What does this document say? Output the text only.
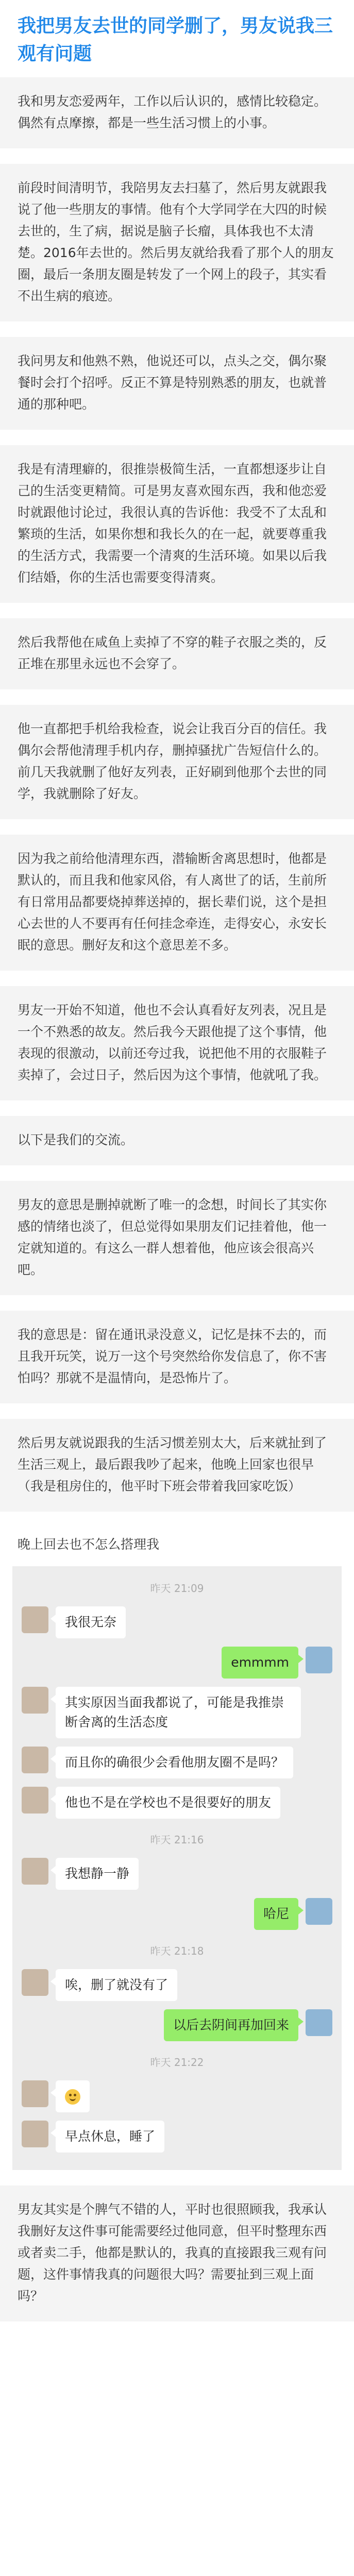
我把男友去世的同学删了，男友说我三观有问题
我和男友恋爱两年，工作以后认识的，感情比较稳定。偶然有点摩擦，都是一些生活习惯上的小事。
前段时间清明节，我陪男友去扫墓了，然后男友就跟我说了他一些朋友的事情。他有个大学同学在大四的时候去世的，生了病，据说是脑子长瘤，具体我也不太清楚。2016年去世的。然后男友就给我看了那个人的朋友圈，最后一条朋友圈是转发了一个网上的段子，其实看不出生病的痕迹。
我问男友和他熟不熟，他说还可以，点头之交，偶尔聚餐时会打个招呼。反正不算是特别熟悉的朋友，也就普通的那种吧。
我是有清理癖的，很推崇极简生活，一直都想逐步让自己的生活变更精简。可是男友喜欢囤东西，我和他恋爱时就跟他讨论过，我很认真的告诉他：我受不了太乱和繁琐的生活，如果你想和我长久的在一起，就要尊重我的生活方式，我需要一个清爽的生活环境。如果以后我们结婚，你的生活也需要变得清爽。
然后我帮他在咸鱼上卖掉了不穿的鞋子衣服之类的，反正堆在那里永远也不会穿了。
他一直都把手机给我检查，说会让我百分百的信任。我偶尔会帮他清理手机内存，删掉骚扰广告短信什么的。前几天我就删了他好友列表，正好刷到他那个去世的同学，我就删除了好友。
因为我之前给他清理东西，潜输断舍离思想时，他都是默认的，而且我和他家风俗，有人离世了的话，生前所有日常用品都要烧掉葬送掉的，据长辈们说，这个是担心去世的人不要再有任何挂念牵连，走得安心，永安长眠的意思。删好友和这个意思差不多。
男友一开始不知道，他也不会认真看好友列表，况且是一个不熟悉的故友。然后我今天跟他提了这个事情，他表现的很激动，以前还夸过我，说把他不用的衣服鞋子卖掉了，会过日子，然后因为这个事情，他就吼了我。
以下是我们的交流。
男友的意思是删掉就断了唯一的念想，时间长了其实你感的情绪也淡了，但总觉得如果朋友们记挂着他，他一定就知道的。有这么一群人想着他，他应该会很高兴吧。
我的意思是：留在通讯录没意义，记忆是抹不去的，而且我开玩笑，说万一这个号突然给你发信息了，你不害怕吗？那就不是温情向，是恐怖片了。
然后男友就说跟我的生活习惯差别太大，后来就扯到了生活三观上，最后跟我吵了起来，他晚上回家也很早（我是租房住的，他平时下班会带着我回家吃饭）
晚上回去也不怎么搭理我
昨天 21:09
我很无奈
emmmm
其实原因当面我都说了，可能是我推崇断舍离的生活态度
而且你的确很少会看他朋友圈不是吗？
他也不是在学校也不是很要好的朋友
昨天 21:16
我想静一静
哈尼
昨天 21:18
唉，删了就没有了
以后去阴间再加回来
昨天 21:22
早点休息，睡了
男友其实是个脾气不错的人，平时也很照顾我，我承认我删好友这件事可能需要经过他同意，但平时整理东西或者卖二手，他都是默认的，我真的直接跟我三观有问题，这件事情我真的问题很大吗？需要扯到三观上面吗？
